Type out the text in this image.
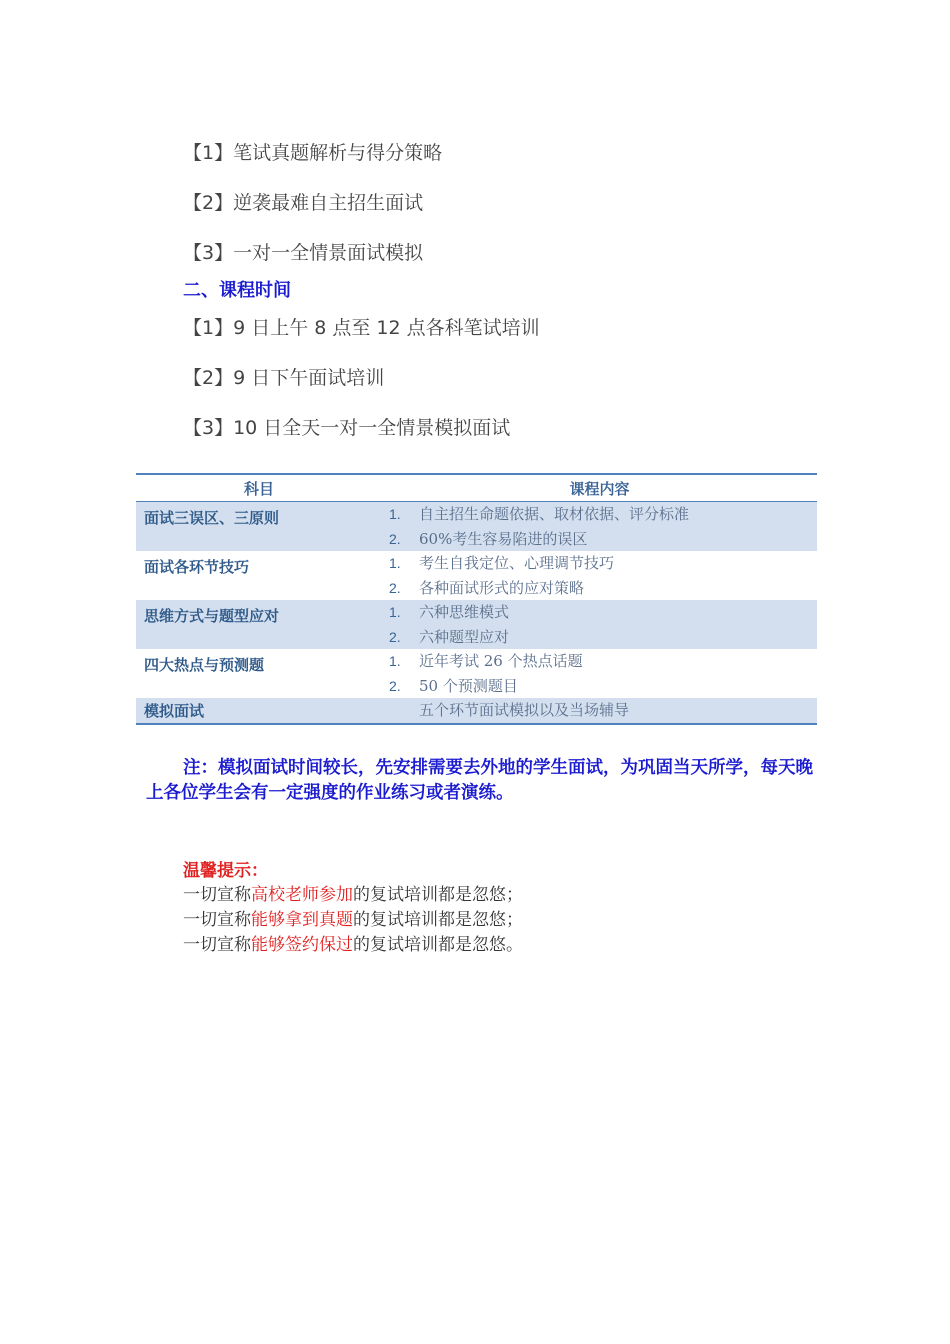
【1】笔试真题解析与得分策略
【2】逆袭最难自主招生面试
【3】一对一全情景面试模拟
二、课程时间
【1】9 日上午 8 点至 12 点各科笔试培训
【2】9 日下午面试培训
【3】10 日全天一对一全情景模拟面试
科目	课程内容
面试三误区、三原则	1. 自主招生命题依据、取材依据、评分标准
2. 60%考生容易陷进的误区

面试各环节技巧	1. 考生自我定位、心理调节技巧
2. 各种面试形式的应对策略

思维方式与题型应对	1. 六种思维模式
2. 六种题型应对

四大热点与预测题	1. 近年考试 26 个热点话题
2. 50 个预测题目

模拟面试	五个环节面试模拟以及当场辅导
注：模拟面试时间较长，先安排需要去外地的学生面试，为巩固当天所学，每天晚上各位学生会有一定强度的作业练习或者演练。
温馨提示：
一切宣称高校老师参加的复试培训都是忽悠；
一切宣称能够拿到真题的复试培训都是忽悠；
一切宣称能够签约保过的复试培训都是忽悠。
